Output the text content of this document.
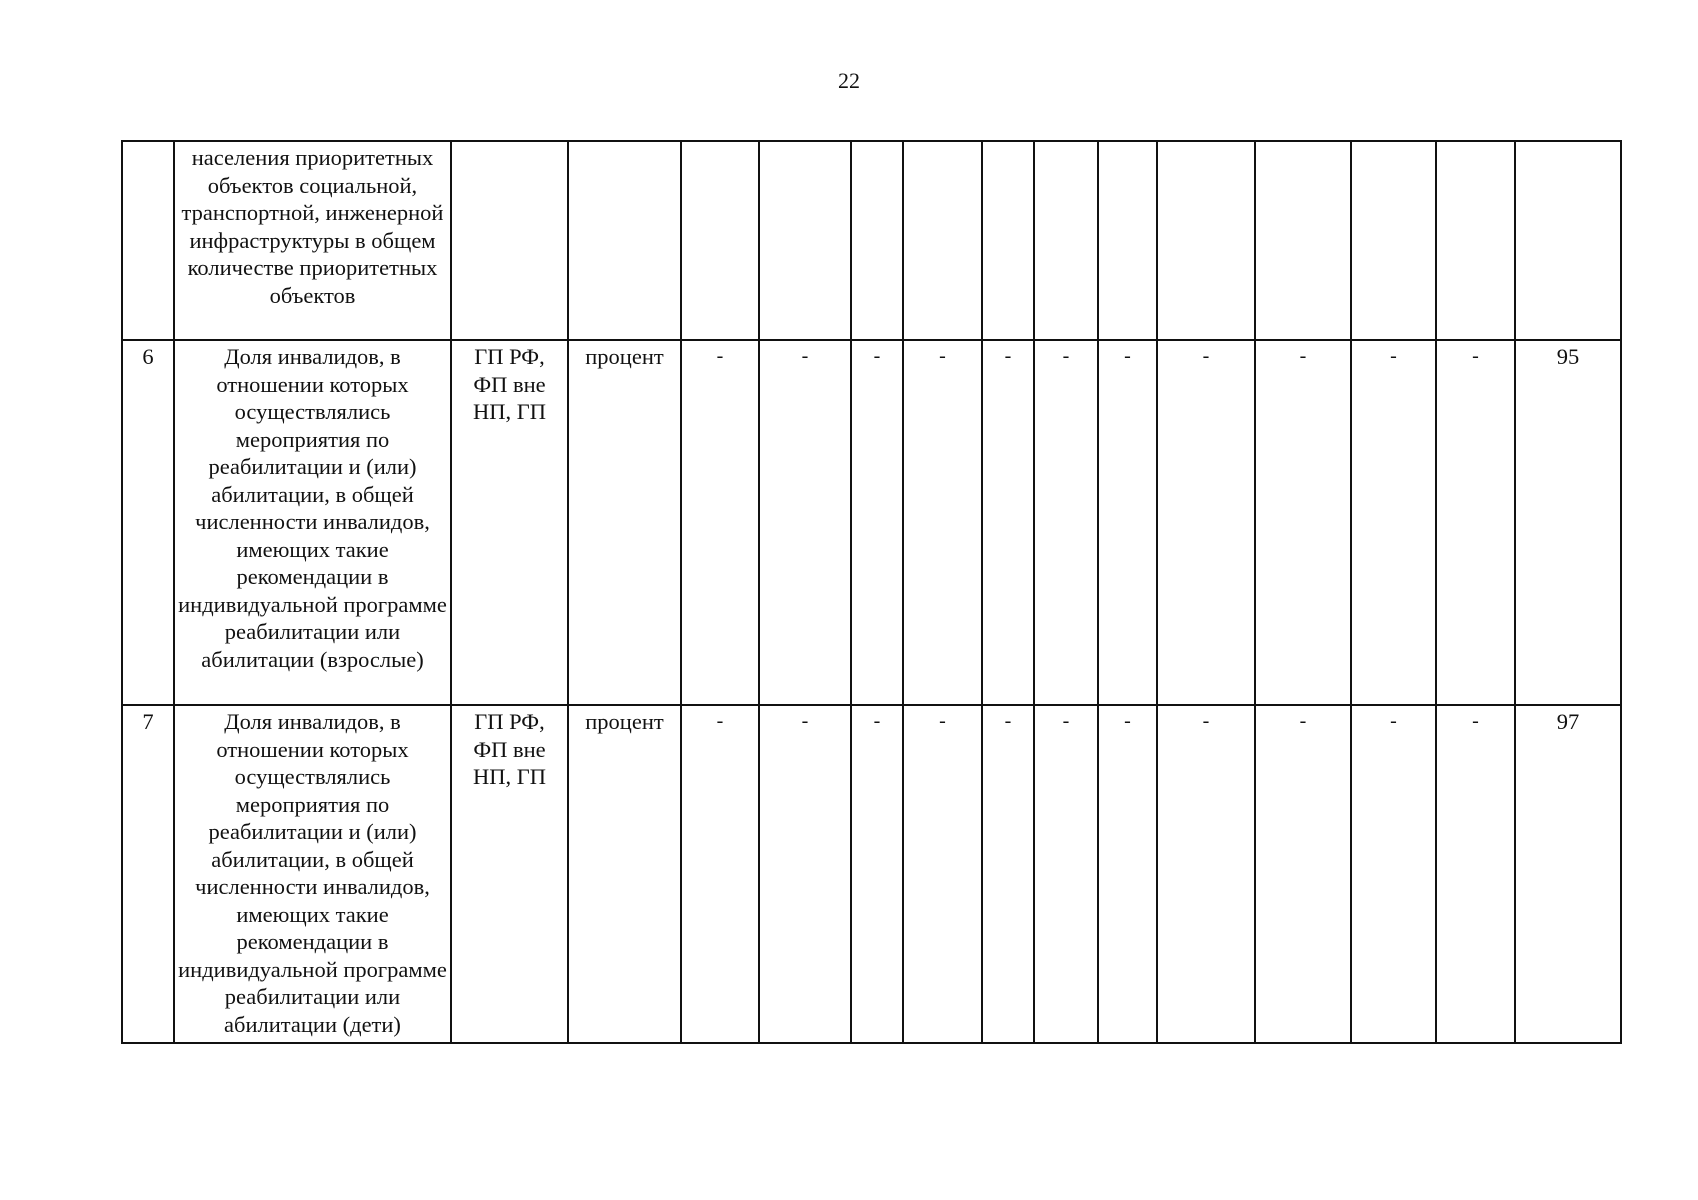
22
	населения приоритетных объектов социальной, транспортной, инженерной инфраструктуры в общем количестве приоритетных объектов														
6	Доля инвалидов, в отношении которых осуществлялись мероприятия по реабилитации и (или) абилитации, в общей численности инвалидов, имеющих такие рекомендации в индивидуальной программе реабилитации или абилитации (взрослые)	ГП РФ, ФП вне НП, ГП	процент	-	-	-	-	-	-	-	-	-	-	-	95
7	Доля инвалидов, в отношении которых осуществлялись мероприятия по реабилитации и (или) абилитации, в общей численности инвалидов, имеющих такие рекомендации в индивидуальной программе реабилитации или абилитации (дети)	ГП РФ, ФП вне НП, ГП	процент	-	-	-	-	-	-	-	-	-	-	-	97
